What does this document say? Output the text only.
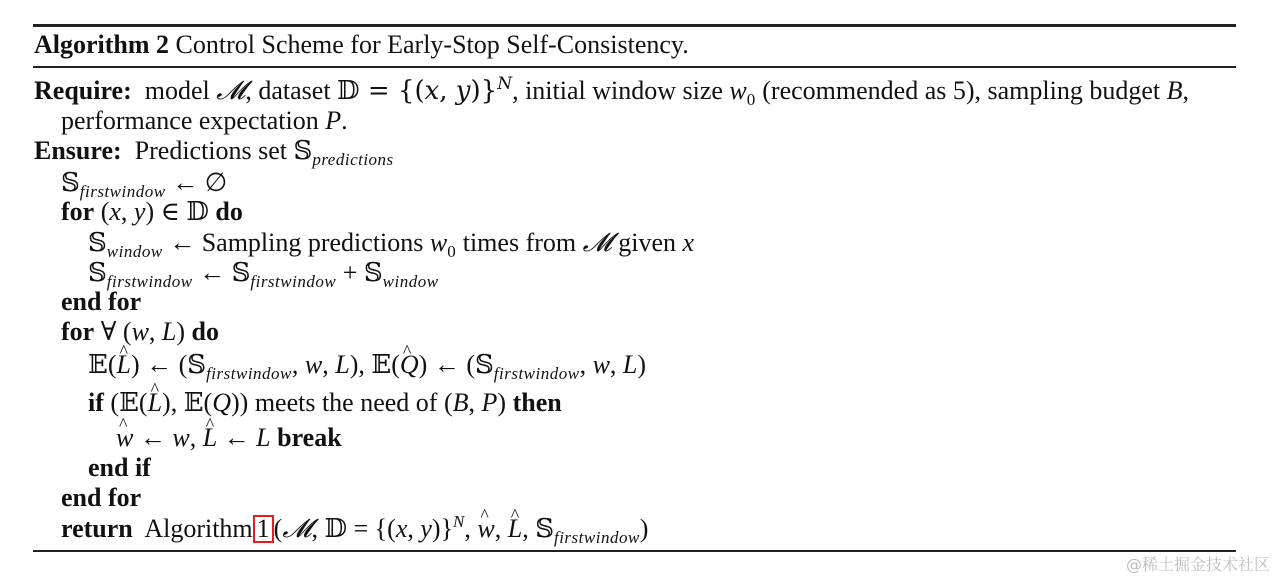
Algorithm 2 Control Scheme for Early-Stop Self-Consistency.
Require: model 𝓜, dataset 𝔻 = {(x, y)}$^N$, initial window size $w_0$ (recommended as 5), sampling budget B,
performance expectation P.
Ensure: Predictions set 𝕊$_{predictions}$
𝕊$_{firstwindow}$ ← ∅
for (x, y) ∈ 𝔻 do
𝕊$_{window}$ ← Sampling predictions $w_0$ times from 𝓜 given x
𝕊$_{firstwindow}$ ← 𝕊$_{firstwindow}$ + 𝕊$_{window}$
end for
for ∀ (w, L) do
𝔼(^ L) ← (𝕊$_{firstwindow}$, w, L), 𝔼(^ Q) ← (𝕊$_{firstwindow}$, w, L)
if (𝔼(^ L), 𝔼(Q)) meets the need of (B, P) then
^ w ← w, ^ L ← L break
end if
end for
return Algorithm 1 (𝓜, 𝔻 = {(x, y)}$^N$, ^ w, ^ L, 𝕊$_{firstwindow}$)
@稀土掘金技术社区
